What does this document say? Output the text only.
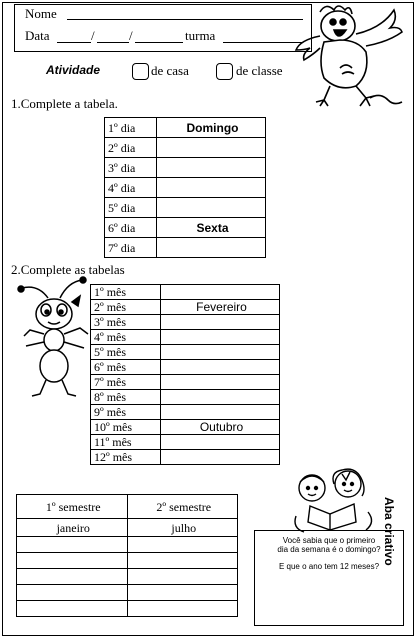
Nome
Data	/	/	turma
Atividade	de casa	de classe
1.Complete a tabela.
1º dia	Domingo
2º dia	
3º dia	
4º dia	
5º dia	
6º dia	Sexta
7º dia	
2.Complete as tabelas
1º mês	
2º mês	Fevereiro
3º mês	
4º mês	
5º mês	
6º mês	
7º mês	
8º mês	
9º mês	
10º mês	Outubro
11º mês	
12º mês	
1º semestre	2º semestre
janeiro	julho

Você sabia que o primeiro
dia da semana é o domingo?
E que o ano tem 12 meses?
Aba criativo
